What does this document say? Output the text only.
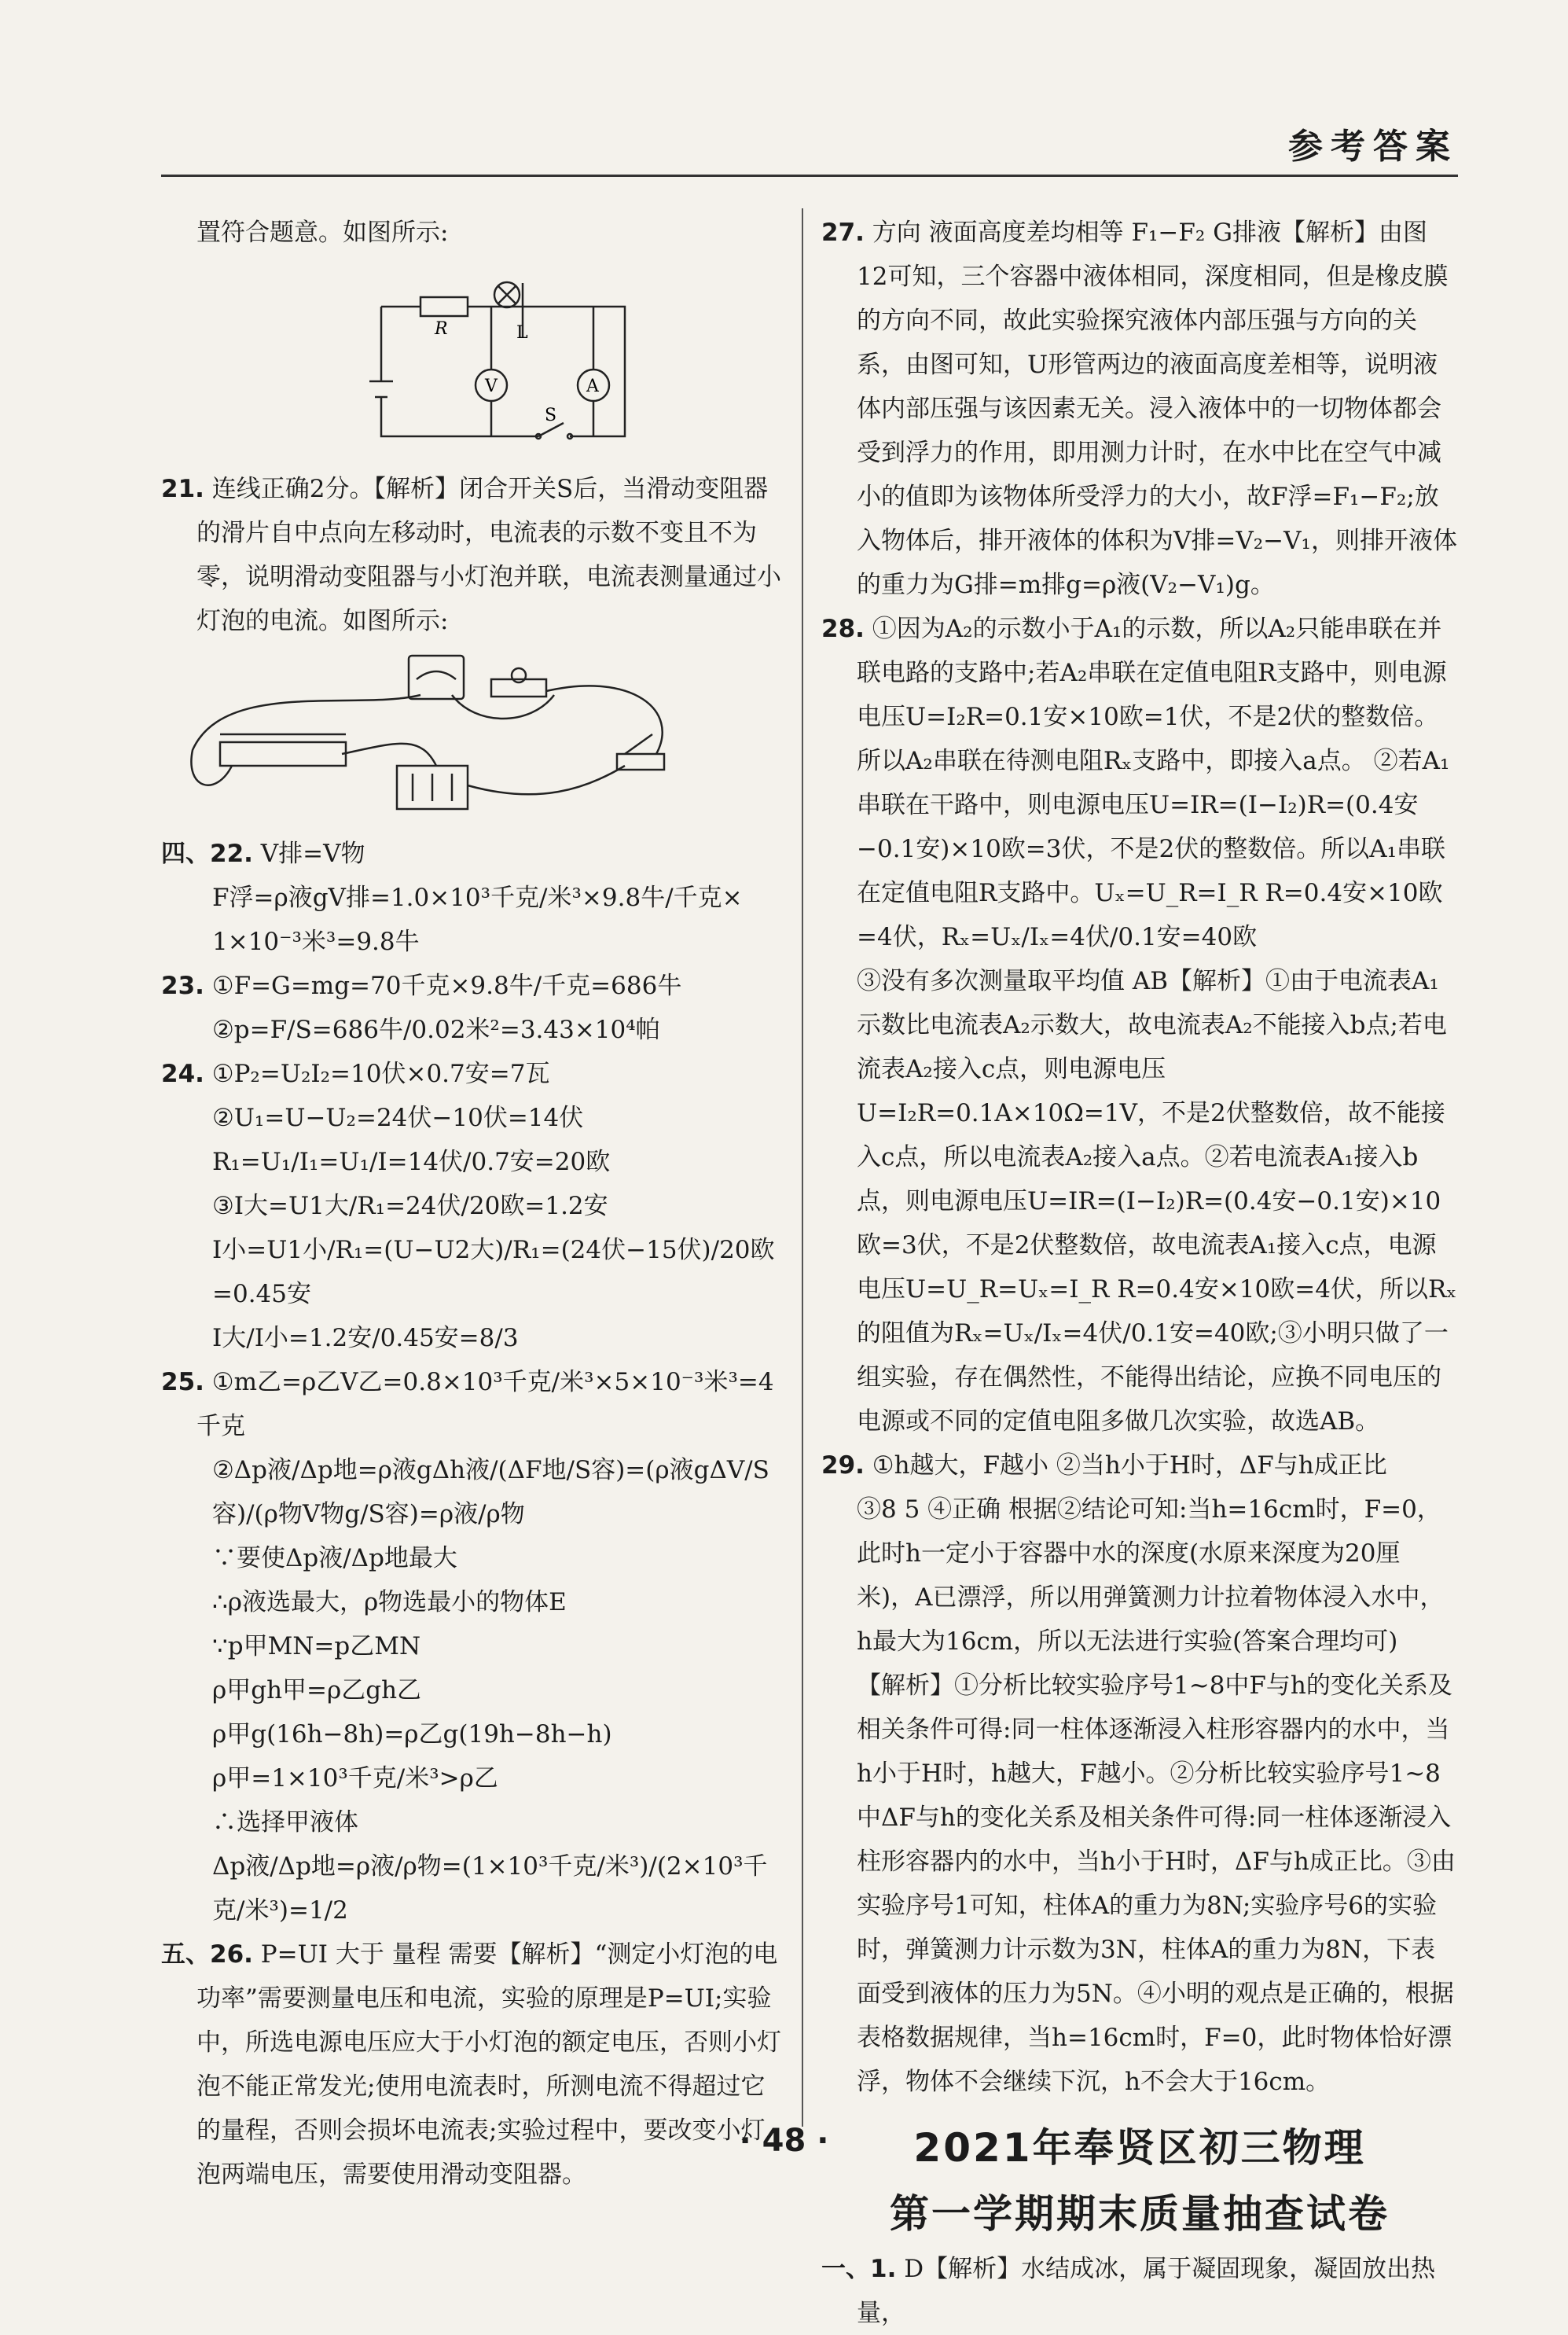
参考答案

置符合题意。如图所示:

R	L
V	A
S

21. 连线正确2分。【解析】闭合开关S后，当滑动变阻器的滑片自中点向左移动时，电流表的示数不变且不为零，说明滑动变阻器与小灯泡并联，电流表测量通过小灯泡的电流。如图所示:

四、22. V排=V物

F浮=ρ液gV排=1.0×10³千克/米³×9.8牛/千克×

1×10⁻³米³=9.8牛

23. ①F=G=mg=70千克×9.8牛/千克=686牛

②p=F/S=686牛/0.02米²=3.43×10⁴帕

24. ①P₂=U₂I₂=10伏×0.7安=7瓦

②U₁=U−U₂=24伏−10伏=14伏

R₁=U₁/I₁=U₁/I=14伏/0.7安=20欧

③I大=U1大/R₁=24伏/20欧=1.2安

I小=U1小/R₁=(U−U2大)/R₁=(24伏−15伏)/20欧=0.45安

I大/I小=1.2安/0.45安=8/3

25. ①m乙=ρ乙V乙=0.8×10³千克/米³×5×10⁻³米³=4千克

②Δp液/Δp地=ρ液gΔh液/(ΔF地/S容)=(ρ液gΔV/S容)/(ρ物V物g/S容)=ρ液/ρ物

∵要使Δp液/Δp地最大

∴ρ液选最大，ρ物选最小的物体E

∵p甲MN=p乙MN

ρ甲gh甲=ρ乙gh乙

ρ甲g(16h−8h)=ρ乙g(19h−8h−h)

ρ甲=1×10³千克/米³>ρ乙

∴选择甲液体

Δp液/Δp地=ρ液/ρ物=(1×10³千克/米³)/(2×10³千克/米³)=1/2

五、26. P=UI 大于 量程 需要【解析】“测定小灯泡的电功率”需要测量电压和电流，实验的原理是P=UI;实验中，所选电源电压应大于小灯泡的额定电压，否则小灯泡不能正常发光;使用电流表时，所测电流不得超过它的量程，否则会损坏电流表;实验过程中，要改变小灯泡两端电压，需要使用滑动变阻器。

27. 方向 液面高度差均相等 F₁−F₂ G排液【解析】由图12可知，三个容器中液体相同，深度相同，但是橡皮膜的方向不同，故此实验探究液体内部压强与方向的关系，由图可知，U形管两边的液面高度差相等，说明液体内部压强与该因素无关。浸入液体中的一切物体都会受到浮力的作用，即用测力计时，在水中比在空气中减小的值即为该物体所受浮力的大小，故F浮=F₁−F₂;放入物体后，排开液体的体积为V排=V₂−V₁，则排开液体的重力为G排=m排g=ρ液(V₂−V₁)g。

28. ①因为A₂的示数小于A₁的示数，所以A₂只能串联在并联电路的支路中;若A₂串联在定值电阻R支路中，则电源电压U=I₂R=0.1安×10欧=1伏，不是2伏的整数倍。所以A₂串联在待测电阻Rₓ支路中，即接入a点。 ②若A₁串联在干路中，则电源电压U=IR=(I−I₂)R=(0.4安−0.1安)×10欧=3伏，不是2伏的整数倍。所以A₁串联在定值电阻R支路中。Uₓ=U_R=I_R R=0.4安×10欧=4伏，Rₓ=Uₓ/Iₓ=4伏/0.1安=40欧

③没有多次测量取平均值 AB【解析】①由于电流表A₁示数比电流表A₂示数大，故电流表A₂不能接入b点;若电流表A₂接入c点，则电源电压U=I₂R=0.1A×10Ω=1V，不是2伏整数倍，故不能接入c点，所以电流表A₂接入a点。②若电流表A₁接入b点，则电源电压U=IR=(I−I₂)R=(0.4安−0.1安)×10欧=3伏，不是2伏整数倍，故电流表A₁接入c点，电源电压U=U_R=Uₓ=I_R R=0.4安×10欧=4伏，所以Rₓ的阻值为Rₓ=Uₓ/Iₓ=4伏/0.1安=40欧;③小明只做了一组实验，存在偶然性，不能得出结论，应换不同电压的电源或不同的定值电阻多做几次实验，故选AB。

29. ①h越大，F越小 ②当h小于H时，ΔF与h成正比

③8 5 ④正确 根据②结论可知:当h=16cm时，F=0，此时h一定小于容器中水的深度(水原来深度为20厘米)，A已漂浮，所以用弹簧测力计拉着物体浸入水中，h最大为16cm，所以无法进行实验(答案合理均可)

【解析】①分析比较实验序号1~8中F与h的变化关系及相关条件可得:同一柱体逐渐浸入柱形容器内的水中，当h小于H时，h越大，F越小。②分析比较实验序号1~8中ΔF与h的变化关系及相关条件可得:同一柱体逐渐浸入柱形容器内的水中，当h小于H时，ΔF与h成正比。③由实验序号1可知，柱体A的重力为8N;实验序号6的实验时，弹簧测力计示数为3N，柱体A的重力为8N，下表面受到液体的压力为5N。④小明的观点是正确的，根据表格数据规律，当h=16cm时，F=0，此时物体恰好漂浮，物体不会继续下沉，h不会大于16cm。

2021年奉贤区初三物理
第一学期期末质量抽查试卷

一、1. D【解析】水结成冰，属于凝固现象，凝固放出热量，

· 48 ·
